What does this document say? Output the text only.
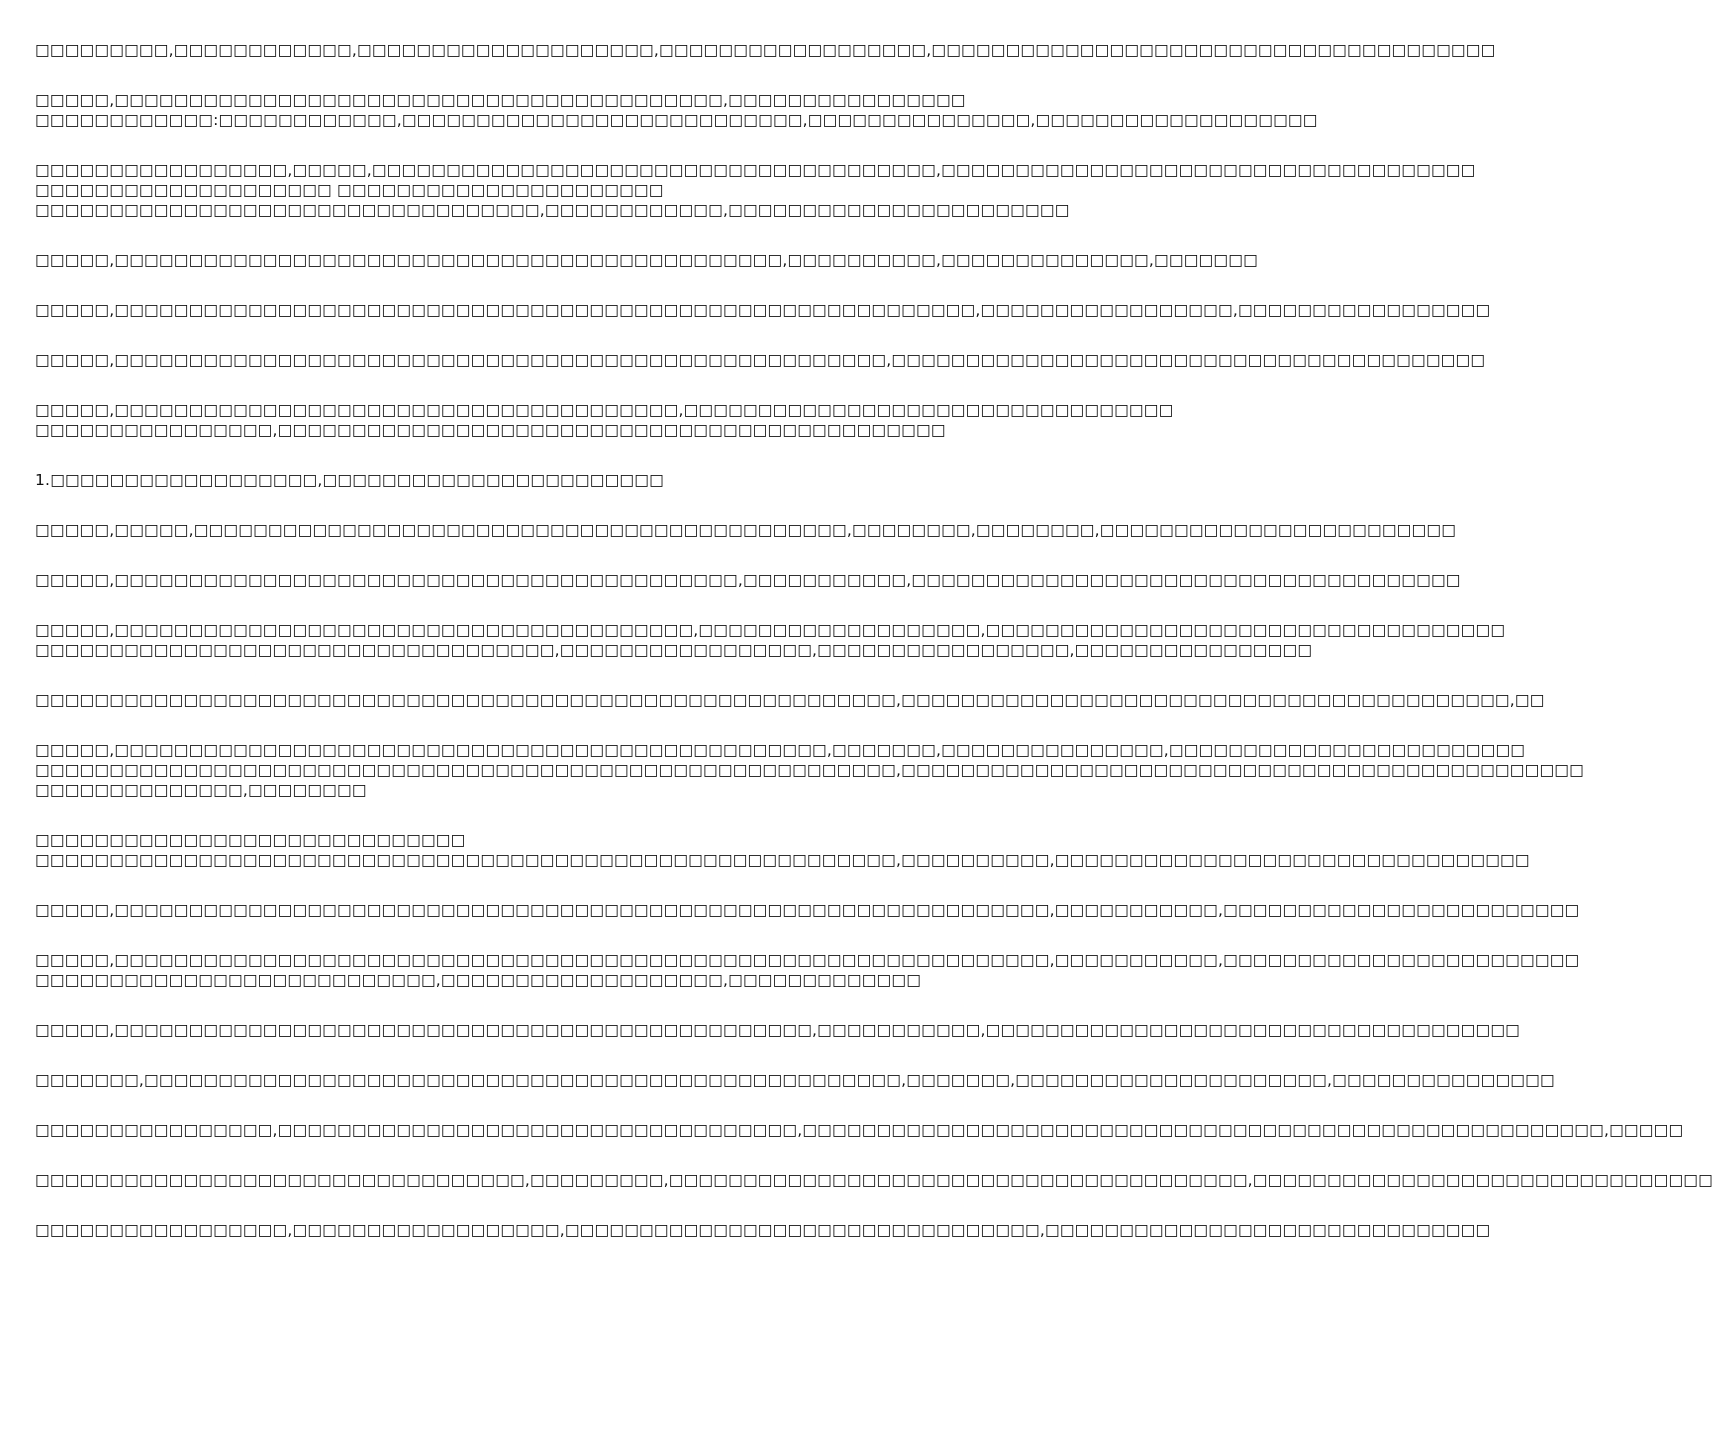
□□□□□□□□□,□□□□□□□□□□□□,□□□□□□□□□□□□□□□□□□□□,□□□□□□□□□□□□□□□□□□,□□□□□□□□□□□□□□□□□□□□□□□□□□□□□□□□□□□□□□
□□□□□,□□□□□□□□□□□□□□□□□□□□□□□□□□□□□□□□□□□□□□□□□,□□□□□□□□□□□□□□□□
□□□□□□□□□□□□:□□□□□□□□□□□□,□□□□□□□□□□□□□□□□□□□□□□□□□□□,□□□□□□□□□□□□□□□,□□□□□□□□□□□□□□□□□□□
□□□□□□□□□□□□□□□□□,□□□□□,□□□□□□□□□□□□□□□□□□□□□□□□□□□□□□□□□□□□□□,□□□□□□□□□□□□□□□□□□□□□□□□□□□□□□□□□□□□
□□□□□□□□□□□□□□□□□□□□ □□□□□□□□□□□□□□□□□□□□□□
□□□□□□□□□□□□□□□□□□□□□□□□□□□□□□□□□□,□□□□□□□□□□□□,□□□□□□□□□□□□□□□□□□□□□□□
□□□□□,□□□□□□□□□□□□□□□□□□□□□□□□□□□□□□□□□□□□□□□□□□□□□,□□□□□□□□□□,□□□□□□□□□□□□□□,□□□□□□□
□□□□□,□□□□□□□□□□□□□□□□□□□□□□□□□□□□□□□□□□□□□□□□□□□□□□□□□□□□□□□□□□,□□□□□□□□□□□□□□□□□,□□□□□□□□□□□□□□□□□
□□□□□,□□□□□□□□□□□□□□□□□□□□□□□□□□□□□□□□□□□□□□□□□□□□□□□□□□□□,□□□□□□□□□□□□□□□□□□□□□□□□□□□□□□□□□□□□□□□□
□□□□□,□□□□□□□□□□□□□□□□□□□□□□□□□□□□□□□□□□□□□□,□□□□□□□□□□□□□□□□□□□□□□□□□□□□□□□□□
□□□□□□□□□□□□□□□□,□□□□□□□□□□□□□□□□□□□□□□□□□□□□□□□□□□□□□□□□□□□□□
1.□□□□□□□□□□□□□□□□□□,□□□□□□□□□□□□□□□□□□□□□□□
□□□□□,□□□□□,□□□□□□□□□□□□□□□□□□□□□□□□□□□□□□□□□□□□□□□□□□□□,□□□□□□□□,□□□□□□□□,□□□□□□□□□□□□□□□□□□□□□□□□
□□□□□,□□□□□□□□□□□□□□□□□□□□□□□□□□□□□□□□□□□□□□□□□□,□□□□□□□□□□□,□□□□□□□□□□□□□□□□□□□□□□□□□□□□□□□□□□□□□
□□□□□,□□□□□□□□□□□□□□□□□□□□□□□□□□□□□□□□□□□□□□□,□□□□□□□□□□□□□□□□□□□,□□□□□□□□□□□□□□□□□□□□□□□□□□□□□□□□□□□
□□□□□□□□□□□□□□□□□□□□□□□□□□□□□□□□□□□,□□□□□□□□□□□□□□□□□,□□□□□□□□□□□□□□□□□,□□□□□□□□□□□□□□□□
□□□□□□□□□□□□□□□□□□□□□□□□□□□□□□□□□□□□□□□□□□□□□□□□□□□□□□□□□□,□□□□□□□□□□□□□□□□□□□□□□□□□□□□□□□□□□□□□□□□□,□□
□□□□□,□□□□□□□□□□□□□□□□□□□□□□□□□□□□□□□□□□□□□□□□□□□□□□□□,□□□□□□□,□□□□□□□□□□□□□□□,□□□□□□□□□□□□□□□□□□□□□□□□
□□□□□□□□□□□□□□□□□□□□□□□□□□□□□□□□□□□□□□□□□□□□□□□□□□□□□□□□□□,□□□□□□□□□□□□□□□□□□□□□□□□□□□□□□□□□□□□□□□□□□□□□□
□□□□□□□□□□□□□□,□□□□□□□□
□□□□□□□□□□□□□□□□□□□□□□□□□□□□□
□□□□□□□□□□□□□□□□□□□□□□□□□□□□□□□□□□□□□□□□□□□□□□□□□□□□□□□□□□,□□□□□□□□□□,□□□□□□□□□□□□□□□□□□□□□□□□□□□□□□□□
□□□□□,□□□□□□□□□□□□□□□□□□□□□□□□□□□□□□□□□□□□□□□□□□□□□□□□□□□□□□□□□□□□□□□,□□□□□□□□□□□,□□□□□□□□□□□□□□□□□□□□□□□□
□□□□□,□□□□□□□□□□□□□□□□□□□□□□□□□□□□□□□□□□□□□□□□□□□□□□□□□□□□□□□□□□□□□□□,□□□□□□□□□□□,□□□□□□□□□□□□□□□□□□□□□□□□
□□□□□□□□□□□□□□□□□□□□□□□□□□□,□□□□□□□□□□□□□□□□□□□,□□□□□□□□□□□□□
□□□□□,□□□□□□□□□□□□□□□□□□□□□□□□□□□□□□□□□□□□□□□□□□□□□□□,□□□□□□□□□□□,□□□□□□□□□□□□□□□□□□□□□□□□□□□□□□□□□□□□
□□□□□□□,□□□□□□□□□□□□□□□□□□□□□□□□□□□□□□□□□□□□□□□□□□□□□□□□□□□,□□□□□□□,□□□□□□□□□□□□□□□□□□□□□,□□□□□□□□□□□□□□□
□□□□□□□□□□□□□□□□,□□□□□□□□□□□□□□□□□□□□□□□□□□□□□□□□□□□,□□□□□□□□□□□□□□□□□□□□□□□□□□□□□□□□□□□□□□□□□□□□□□□□□□□□□□,□□□□□
□□□□□□□□□□□□□□□□□□□□□□□□□□□□□□□□□,□□□□□□□□□,□□□□□□□□□□□□□□□□□□□□□□□□□□□□□□□□□□□□□□□,□□□□□□□□□□□□□□□□□□□□□□□□□□□□□□□
□□□□□□□□□□□□□□□□□,□□□□□□□□□□□□□□□□□□,□□□□□□□□□□□□□□□□□□□□□□□□□□□□□□□□,□□□□□□□□□□□□□□□□□□□□□□□□□□□□□□
